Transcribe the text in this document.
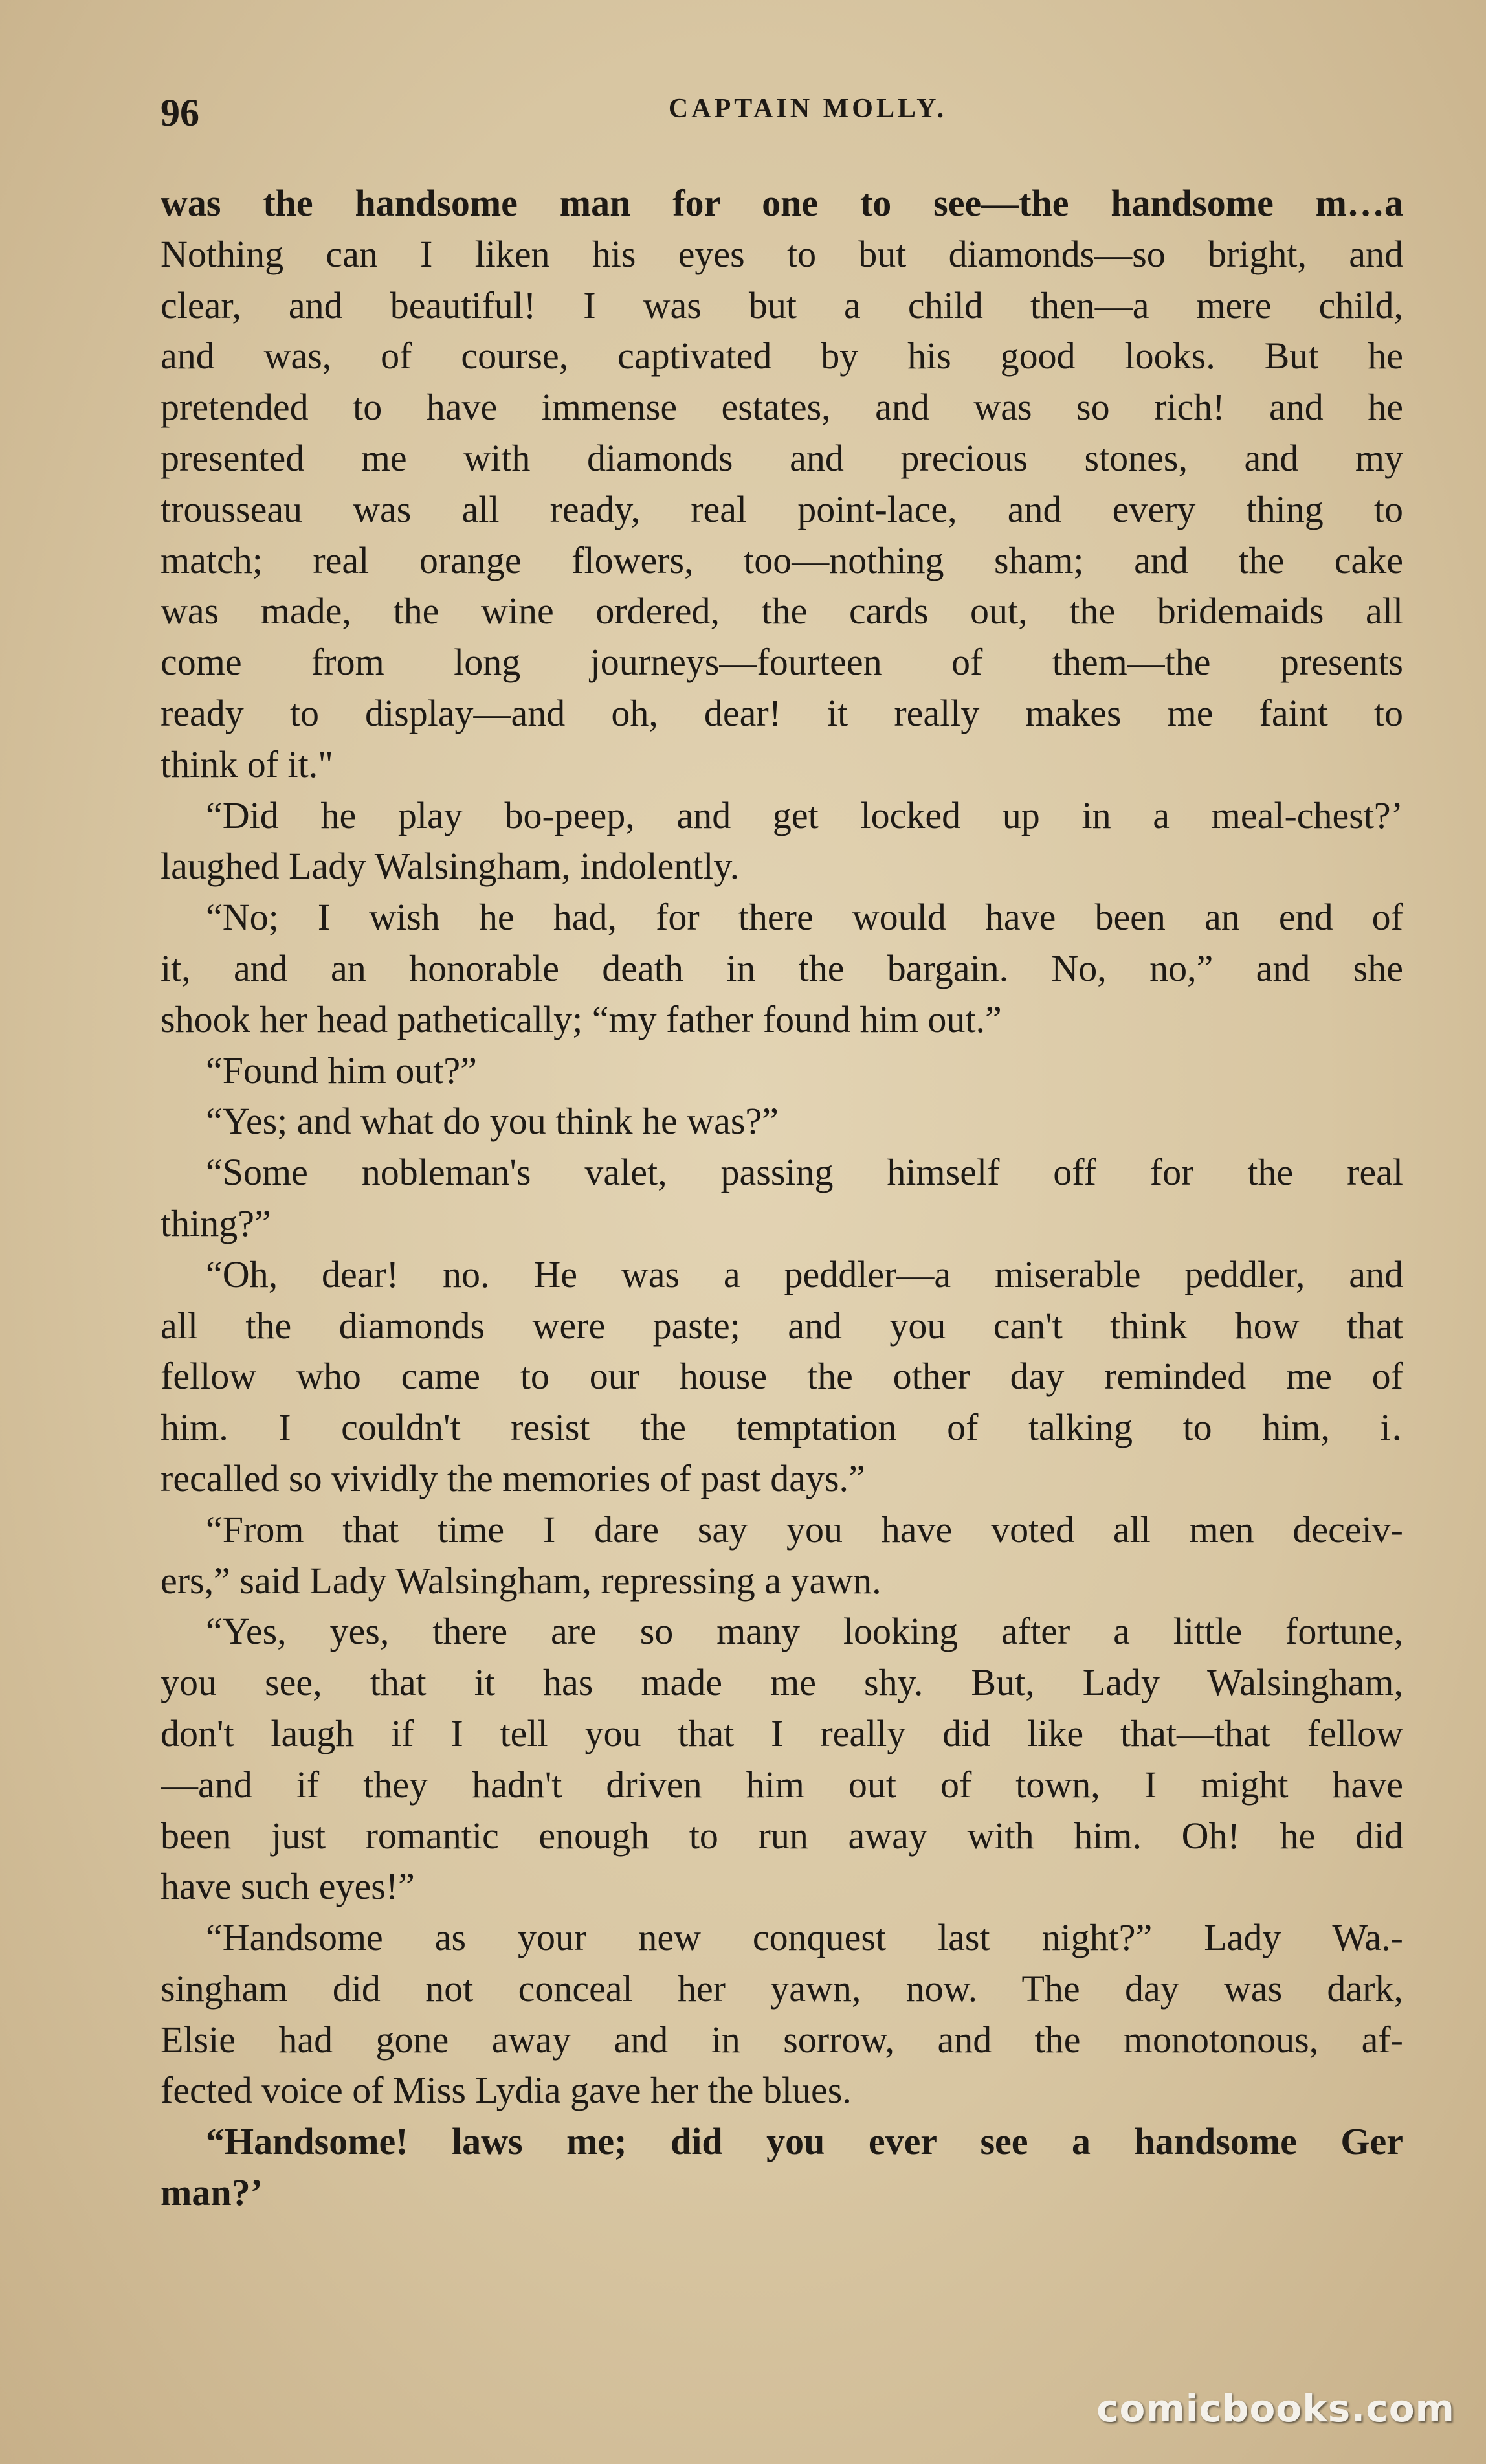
96	CAPTAIN MOLLY.
was the handsome man for one to see—the handsome m…a
Nothing can I liken his eyes to but diamonds—so bright, and
clear, and beautiful! I was but a child then—a mere child,
and was, of course, captivated by his good looks. But he
pretended to have immense estates, and was so rich! and he
presented me with diamonds and precious stones, and my
trousseau was all ready, real point-lace, and every thing to
match; real orange flowers, too—nothing sham; and the cake
was made, the wine ordered, the cards out, the bridemaids all
come from long journeys—fourteen of them—the presents
ready to display—and oh, dear! it really makes me faint to
think of it."
“Did he play bo-peep, and get locked up in a meal-chest?’
laughed Lady Walsingham, indolently.
“No; I wish he had, for there would have been an end of
it, and an honorable death in the bargain. No, no,” and she
shook her head pathetically; “my father found him out.”
“Found him out?”
“Yes; and what do you think he was?”
“Some nobleman's valet, passing himself off for the real
thing?”
“Oh, dear! no. He was a peddler—a miserable peddler, and
all the diamonds were paste; and you can't think how that
fellow who came to our house the other day reminded me of
him. I couldn't resist the temptation of talking to him, i․
recalled so vividly the memories of past days.”
“From that time I dare say you have voted all men deceiv-
ers,” said Lady Walsingham, repressing a yawn.
“Yes, yes, there are so many looking after a little fortune,
you see, that it has made me shy. But, Lady Walsingham,
don't laugh if I tell you that I really did like that—that fellow
—and if they hadn't driven him out of town, I might have
been just romantic enough to run away with him. Oh! he did
have such eyes!”
“Handsome as your new conquest last night?” Lady Wa.-
singham did not conceal her yawn, now. The day was dark,
Elsie had gone away and in sorrow, and the monotonous, af-
fected voice of Miss Lydia gave her the blues.
“Handsome! laws me; did you ever see a handsome Ger
man?’
comicbooks.com
